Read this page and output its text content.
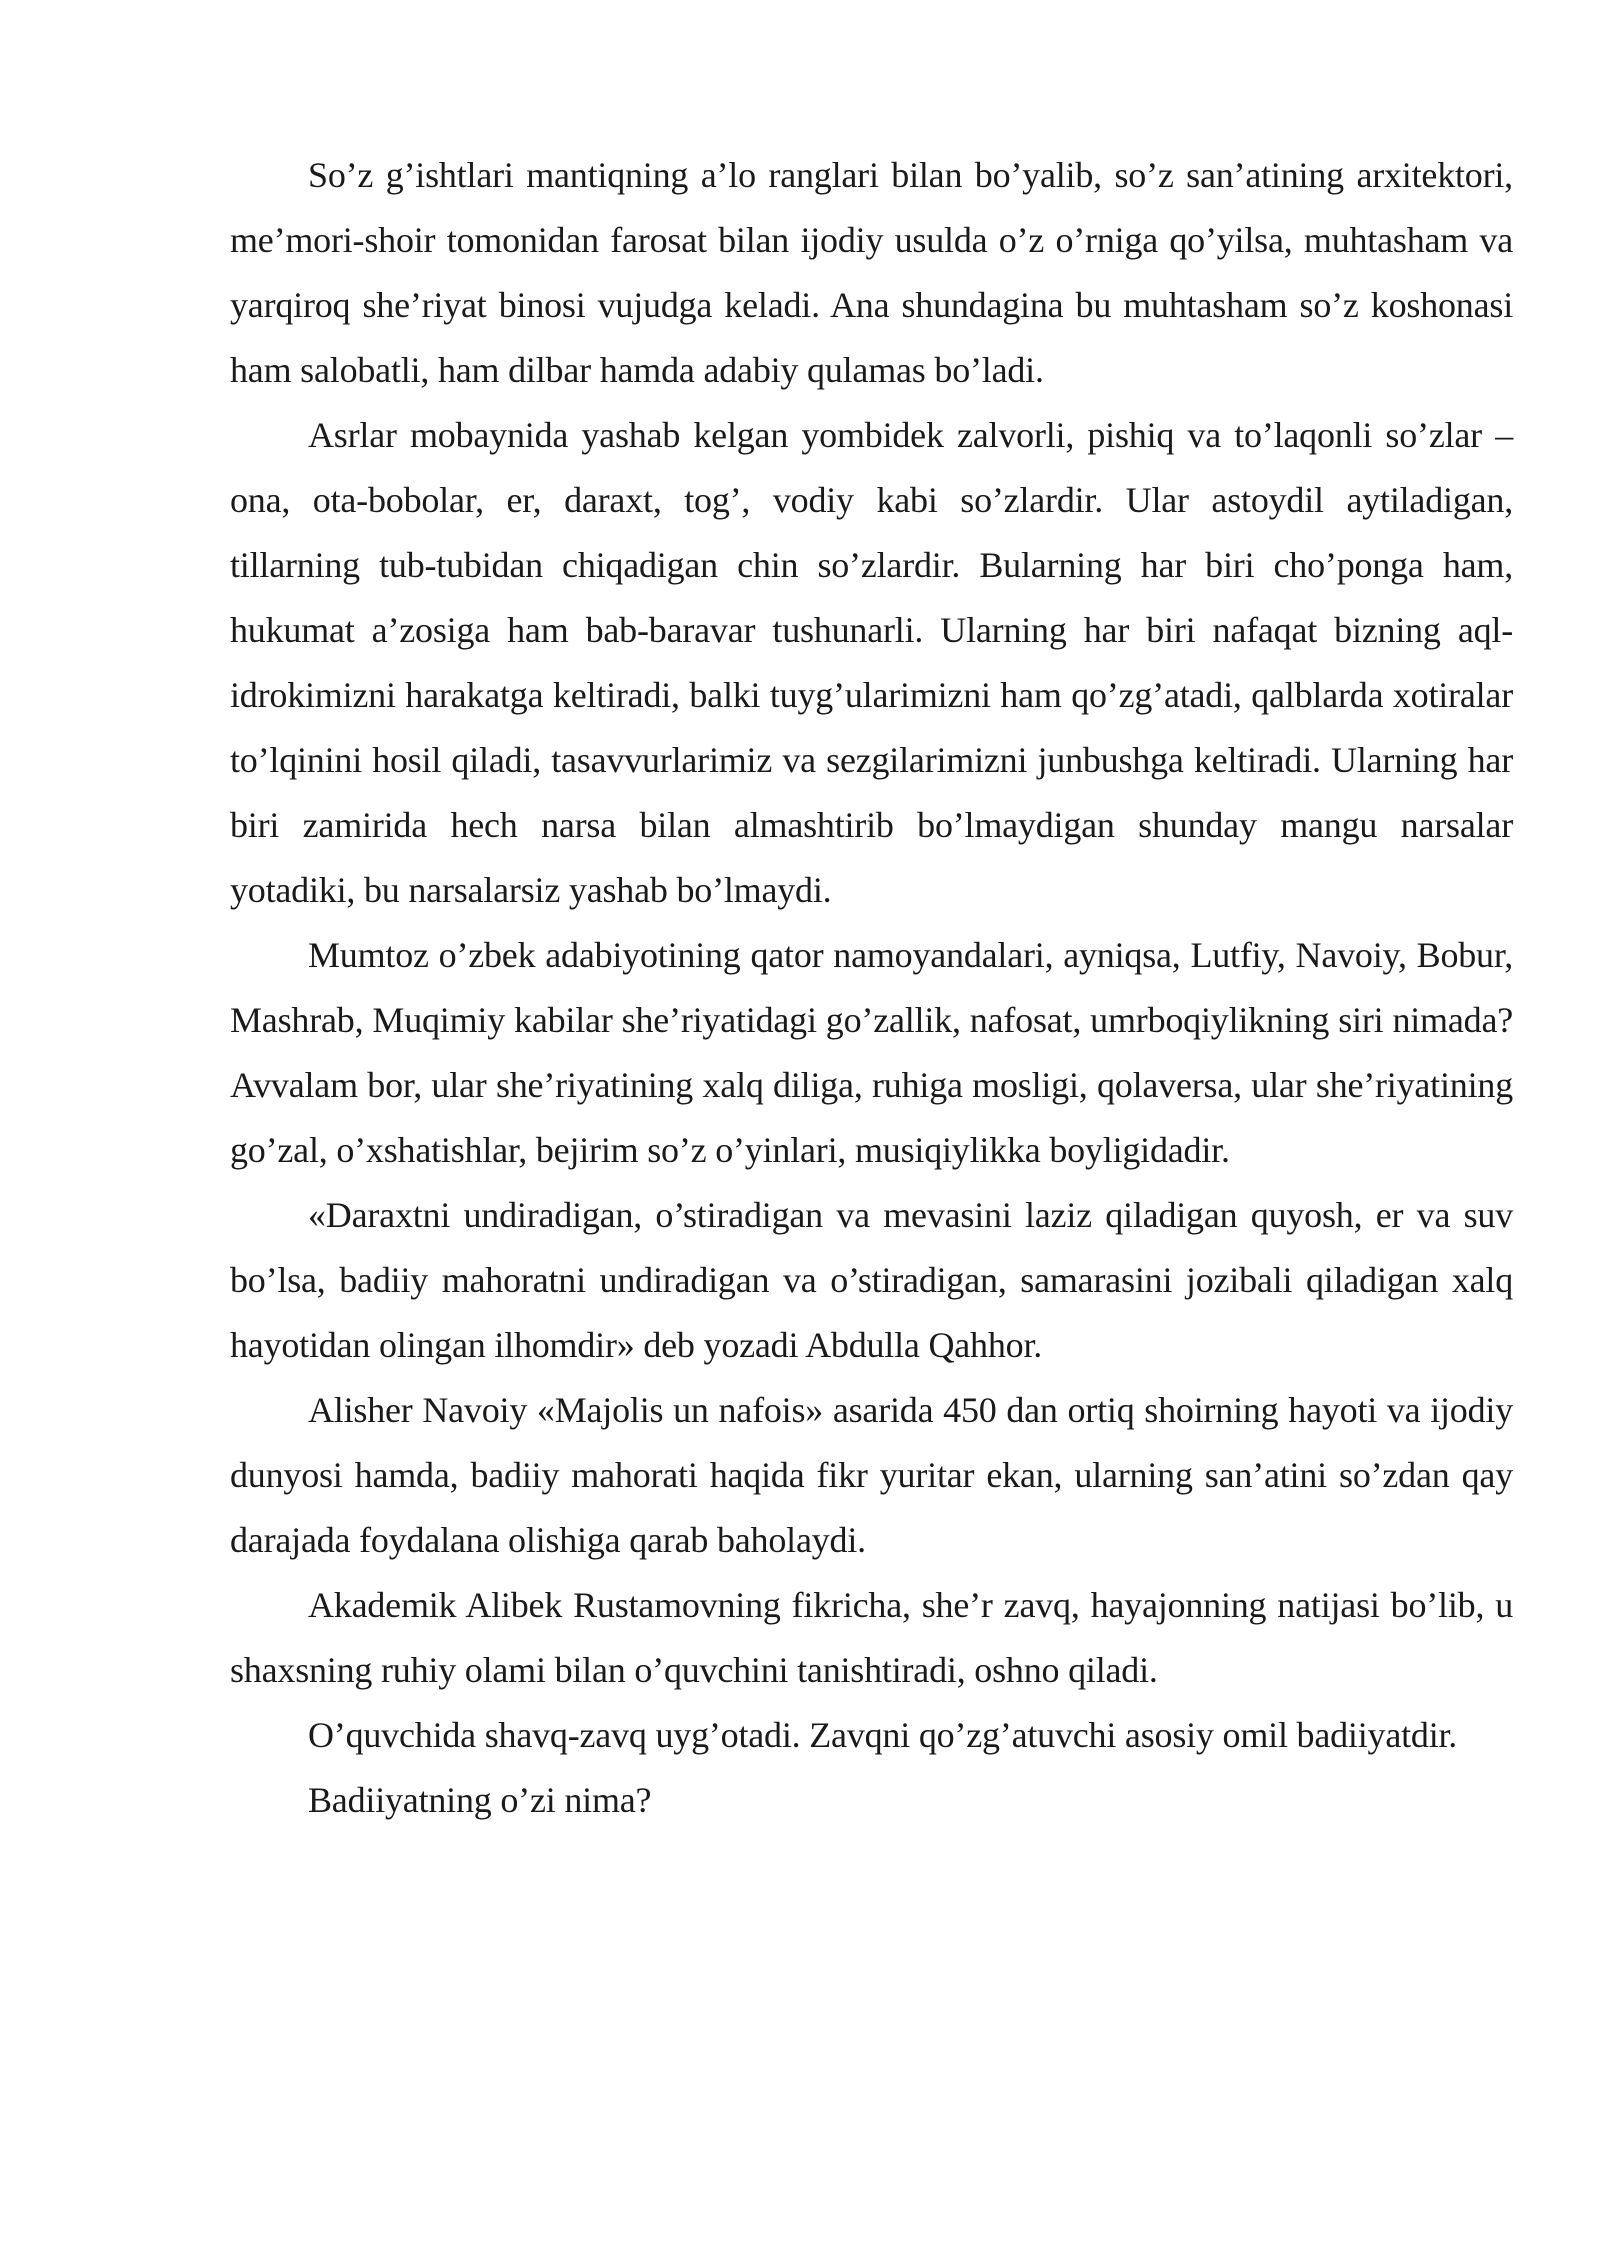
So’z g’ishtlari mantiqning a’lo ranglari bilan bo’yalib, so’z san’atining arxitektori, me’mori-shoir tomonidan farosat bilan ijodiy usulda o’z o’rniga qo’yilsa, muhtasham va yarqiroq she’riyat binosi vujudga keladi. Ana shundagina bu muhtasham so’z koshonasi ham salobatli, ham dilbar hamda adabiy qulamas bo’ladi.

Asrlar mobaynida yashab kelgan yombidek zalvorli, pishiq va to’laqonli so’zlar – ona, ota-bobolar, er, daraxt, tog’, vodiy kabi so’zlardir. Ular astoydil aytiladigan, tillarning tub-tubidan chiqadigan chin so’zlardir. Bularning har biri cho’ponga ham, hukumat a’zosiga ham bab-baravar tushunarli. Ularning har biri nafaqat bizning aql-idrokimizni harakatga keltiradi, balki tuyg’ularimizni ham qo’zg’atadi, qalblarda xotiralar to’lqinini hosil qiladi, tasavvurlarimiz va sezgilarimizni junbushga keltiradi. Ularning har biri zamirida hech narsa bilan almashtirib bo’lmaydigan shunday mangu narsalar yotadiki, bu narsalarsiz yashab bo’lmaydi.

Mumtoz o’zbek adabiyotining qator namoyandalari, ayniqsa, Lutfiy, Navoiy, Bobur, Mashrab, Muqimiy kabilar she’riyatidagi go’zallik, nafosat, umrboqiylikning siri nimada? Avvalam bor, ular she’riyatining xalq diliga, ruhiga mosligi, qolaversa, ular she’riyatining go’zal, o’xshatishlar, bejirim so’z o’yinlari, musiqiylikka boyligidadir.

«Daraxtni undiradigan, o’stiradigan va mevasini laziz qiladigan quyosh, er va suv bo’lsa, badiiy mahoratni undiradigan va o’stiradigan, samarasini jozibali qiladigan xalq hayotidan olingan ilhomdir» deb yozadi Abdulla Qahhor.

Alisher Navoiy «Majolis un nafois» asarida 450 dan ortiq shoirning hayoti va ijodiy dunyosi hamda, badiiy mahorati haqida fikr yuritar ekan, ularning san’atini so’zdan qay darajada foydalana olishiga qarab baholaydi.

Akademik Alibek Rustamovning fikricha, she’r zavq, hayajonning natijasi bo’lib, u shaxsning ruhiy olami bilan o’quvchini tanishtiradi, oshno qiladi.

O’quvchida shavq-zavq uyg’otadi. Zavqni qo’zg’atuvchi asosiy omil badiiyatdir.

Badiiyatning o’zi nima?
